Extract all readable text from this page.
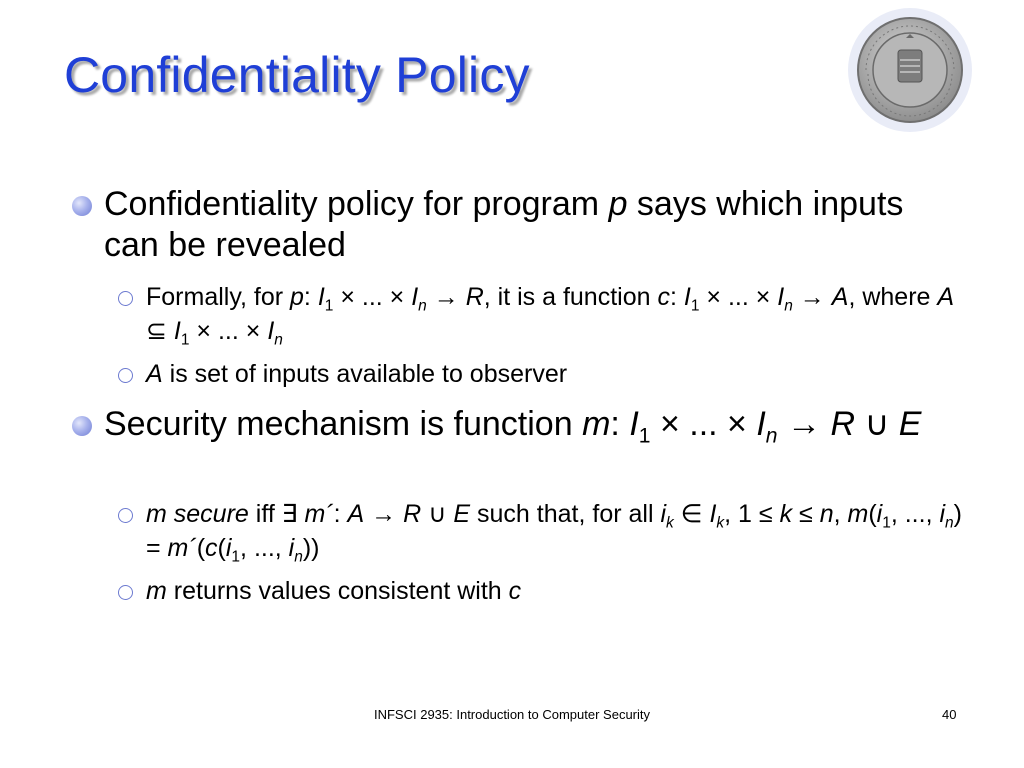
Confidentiality Policy
Confidentiality policy for program p says which inputs can be revealed
Formally, for p: $I_1$ × ... × $I_n \to R$, it is a function c: $I_1$ × ... × $I_n \to A$, where A ⊆ $I_1$ × ... × $I_n$
A is set of inputs available to observer
Security mechanism is function m: $I_1$ × ... × $I_n \to R$ ∪ E
m secure iff ∃ m´: A → R ∪ E such that, for all $i_k$ ∈ $I_k$, 1 ≤ k ≤ n, $m(i_1$, ..., $i_n$) = $m´(c(i_1$, ..., $i_n$))
m returns values consistent with c
INFSCI 2935: Introduction to Computer Security	40
